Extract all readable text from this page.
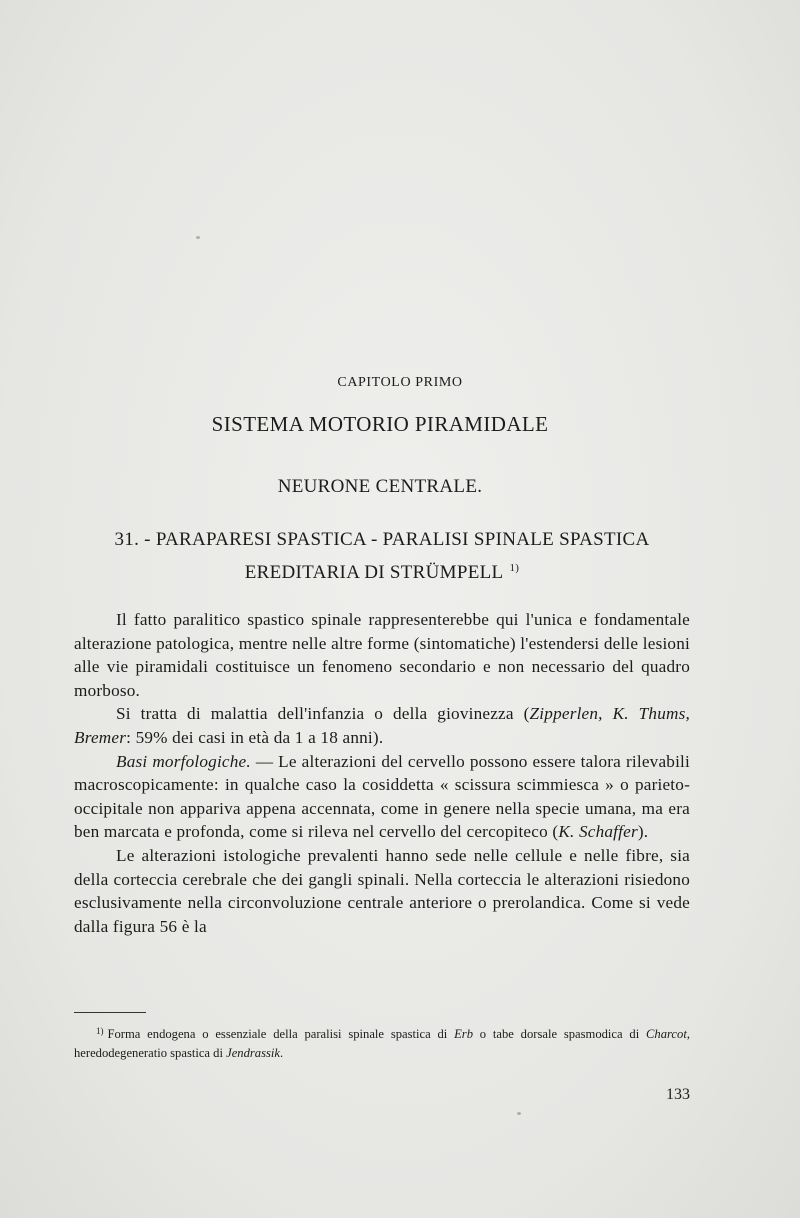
CAPITOLO PRIMO
SISTEMA MOTORIO PIRAMIDALE
NEURONE CENTRALE.
31. - PARAPARESI SPASTICA - PARALISI SPINALE SPASTICA
EREDITARIA DI STRÜMPELL $^{1)}$

Il fatto paralitico spastico spinale rappresenterebbe qui l'unica e fondamentale alterazione patologica, mentre nelle altre forme (sintomatiche) l'estendersi delle lesioni alle vie piramidali costituisce un fenomeno secondario e non necessario del quadro morboso.

Si tratta di malattia dell'infanzia o della giovinezza (Zipperlen, K. Thums, Bremer: 59% dei casi in età da 1 a 18 anni).

Basi morfologiche. — Le alterazioni del cervello possono essere talora rilevabili macroscopicamente: in qualche caso la cosiddetta « scissura scimmiesca » o parieto-occipitale non appariva appena accennata, come in genere nella specie umana, ma era ben marcata e profonda, come si rileva nel cervello del cercopiteco (K. Schaffer).

Le alterazioni istologiche prevalenti hanno sede nelle cellule e nelle fibre, sia della corteccia cerebrale che dei gangli spinali. Nella corteccia le alterazioni risiedono esclusivamente nella circonvoluzione centrale anteriore o prerolandica. Come si vede dalla figura 56 è la

$^{1)}$ Forma endogena o essenziale della paralisi spinale spastica di Erb o tabe dorsale spasmodica di Charcot, heredodegeneratio spastica di Jendrassik.
133
